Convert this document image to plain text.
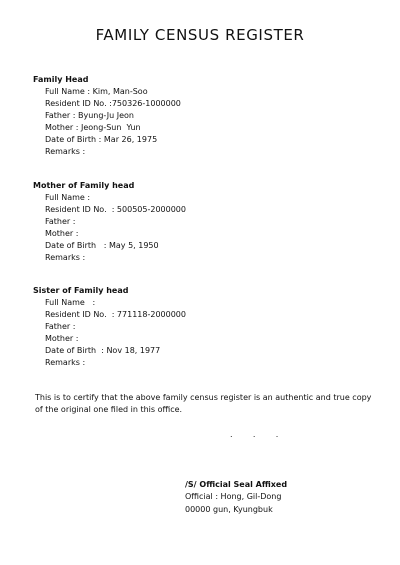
FAMILY CENSUS REGISTER
Family Head
Full Name : Kim, Man-Soo
Resident ID No. :750326-1000000
Father : Byung-Ju Jeon
Mother : Jeong-Sun  Yun
Date of Birth : Mar 26, 1975
Remarks :
Mother of Family head
Full Name :
Resident ID No.  : 500505-2000000
Father :
Mother :
Date of Birth   : May 5, 1950
Remarks :
Sister of Family head
Full Name   :
Resident ID No.  : 771118-2000000
Father :
Mother :
Date of Birth  : Nov 18, 1977
Remarks :
This is to certify that the above family census register is an authentic and true copy
of the original one filed in this office.
.        .        .
/S/ Official Seal Affixed
Official : Hong, Gil-Dong
00000 gun, Kyungbuk
